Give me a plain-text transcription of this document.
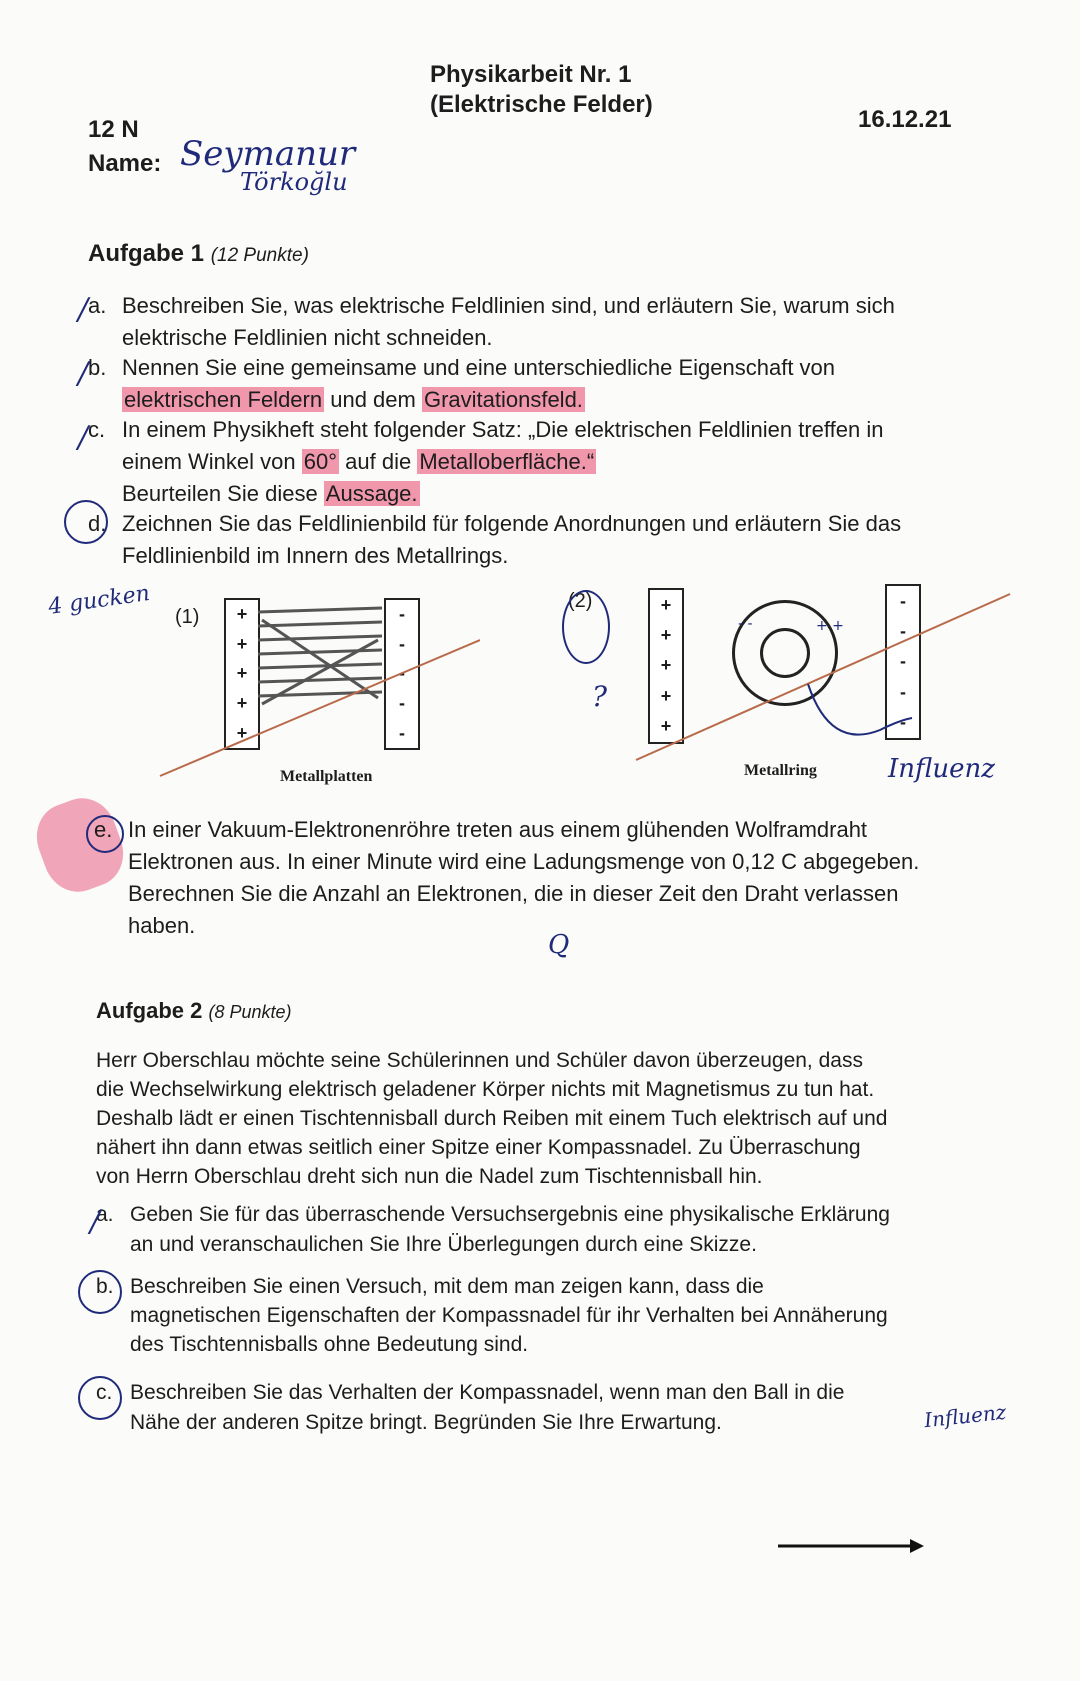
Physikarbeit Nr. 1
(Elektrische Felder)
12 N
Name: Seymanur
Törkoğlu
16.12.21
Aufgabe 1 (12 Punkte)
a. Beschreiben Sie, was elektrische Feldlinien sind, und erläutern Sie, warum sich
elektrische Feldlinien nicht schneiden.
b. Nennen Sie eine gemeinsame und eine unterschiedliche Eigenschaft von
elektrischen Feldern und dem Gravitationsfeld.
c. In einem Physikheft steht folgender Satz: „Die elektrischen Feldlinien treffen in
einem Winkel von 60° auf die Metalloberfläche.“
Beurteilen Sie diese Aussage.
d. Zeichnen Sie das Feldlinienbild für folgende Anordnungen und erläutern Sie das
Feldlinienbild im Innern des Metallrings.
/
/
/
4 gucken (1) +
+
+
+
+
-
-
-
-
-
Metallplatten
(2)
?
+
+
+
+
+
-
-
-
-
-
- -	+ +
Metallring	Influenz
e. In einer Vakuum-Elektronenröhre treten aus einem glühenden Wolframdraht
Elektronen aus. In einer Minute wird eine Ladungsmenge von 0,12 C abgegeben.
Berechnen Sie die Anzahl an Elektronen, die in dieser Zeit den Draht verlassen
haben.
Q
Aufgabe 2 (8 Punkte)
Herr Oberschlau möchte seine Schülerinnen und Schüler davon überzeugen, dass
die Wechselwirkung elektrisch geladener Körper nichts mit Magnetismus zu tun hat.
Deshalb lädt er einen Tischtennisball durch Reiben mit einem Tuch elektrisch auf und
nähert ihn dann etwas seitlich einer Spitze einer Kompassnadel. Zu Überraschung
von Herrn Oberschlau dreht sich nun die Nadel zum Tischtennisball hin.
a. Geben Sie für das überraschende Versuchsergebnis eine physikalische Erklärung
an und veranschaulichen Sie Ihre Überlegungen durch eine Skizze.
/
b. Beschreiben Sie einen Versuch, mit dem man zeigen kann, dass die
magnetischen Eigenschaften der Kompassnadel für ihr Verhalten bei Annäherung
des Tischtennisballs ohne Bedeutung sind.
c. Beschreiben Sie das Verhalten der Kompassnadel, wenn man den Ball in die
Nähe der anderen Spitze bringt. Begründen Sie Ihre Erwartung.	Influenz
